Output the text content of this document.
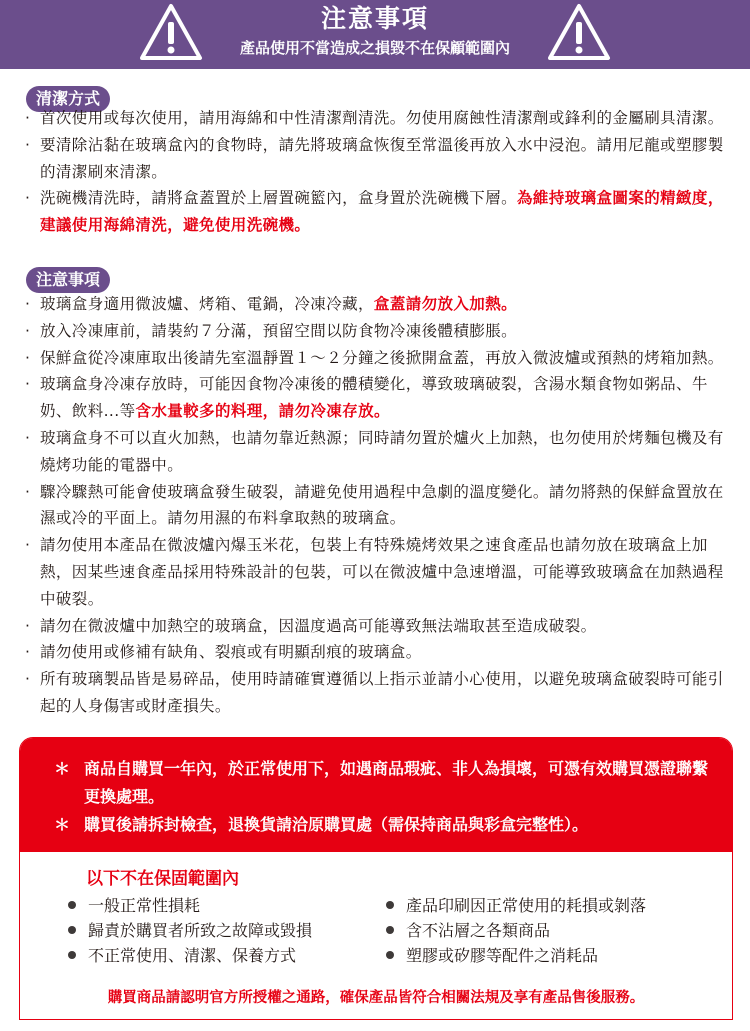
注意事項
產品使用不當造成之損毀不在保顧範圍內
清潔方式
· 首次使用或每次使用，請用海綿和中性清潔劑清洗。勿使用腐蝕性清潔劑或鋒利的金屬刷具清潔。
· 要清除沾黏在玻璃盒內的食物時，請先將玻璃盒恢復至常溫後再放入水中浸泡。請用尼龍或塑膠製的清潔刷來清潔。
· 洗碗機清洗時，請將盒蓋置於上層置碗籃內，盒身置於洗碗機下層。為維持玻璃盒圖案的精緻度，建議使用海綿清洗，避免使用洗碗機。
注意事項
· 玻璃盒身適用微波爐、烤箱、電鍋，冷凍冷藏，盒蓋請勿放入加熱。
· 放入冷凍庫前，請裝約７分滿，預留空間以防食物冷凍後體積膨脹。
· 保鮮盒從冷凍庫取出後請先室溫靜置１～２分鐘之後掀開盒蓋，再放入微波爐或預熱的烤箱加熱。
· 玻璃盒身冷凍存放時，可能因食物冷凍後的體積變化，導致玻璃破裂，含湯水類食物如粥品、牛奶、飲料...等含水量較多的料理，請勿冷凍存放。
· 玻璃盒身不可以直火加熱，也請勿靠近熱源；同時請勿置於爐火上加熱，也勿使用於烤麵包機及有燒烤功能的電器中。
· 驟冷驟熱可能會使玻璃盒發生破裂，請避免使用過程中急劇的溫度變化。請勿將熱的保鮮盒置放在濕或冷的平面上。請勿用濕的布料拿取熱的玻璃盒。
· 請勿使用本產品在微波爐內爆玉米花，包裝上有特殊燒烤效果之速食產品也請勿放在玻璃盒上加熱，因某些速食產品採用特殊設計的包裝，可以在微波爐中急速增溫，可能導致玻璃盒在加熱過程中破裂。
· 請勿在微波爐中加熱空的玻璃盒，因溫度過高可能導致無法端取甚至造成破裂。
· 請勿使用或修補有缺角、裂痕或有明顯刮痕的玻璃盒。
· 所有玻璃製品皆是易碎品，使用時請確實遵循以上指示並請小心使用，以避免玻璃盒破裂時可能引起的人身傷害或財產損失。
＊ 商品自購買一年內，於正常使用下，如遇商品瑕疵、非人為損壞，可憑有效購買憑證聯繫更換處理。
＊ 購買後請拆封檢查，退換貨請洽原購買處（需保持商品與彩盒完整性）。
以下不在保固範圍內
一般正常性損耗
歸責於購買者所致之故障或毀損
不正常使用、清潔、保養方式
產品印刷因正常使用的耗損或剝落
含不沾層之各類商品
塑膠或矽膠等配件之消耗品
購買商品請認明官方所授權之通路，確保產品皆符合相關法規及享有產品售後服務。
